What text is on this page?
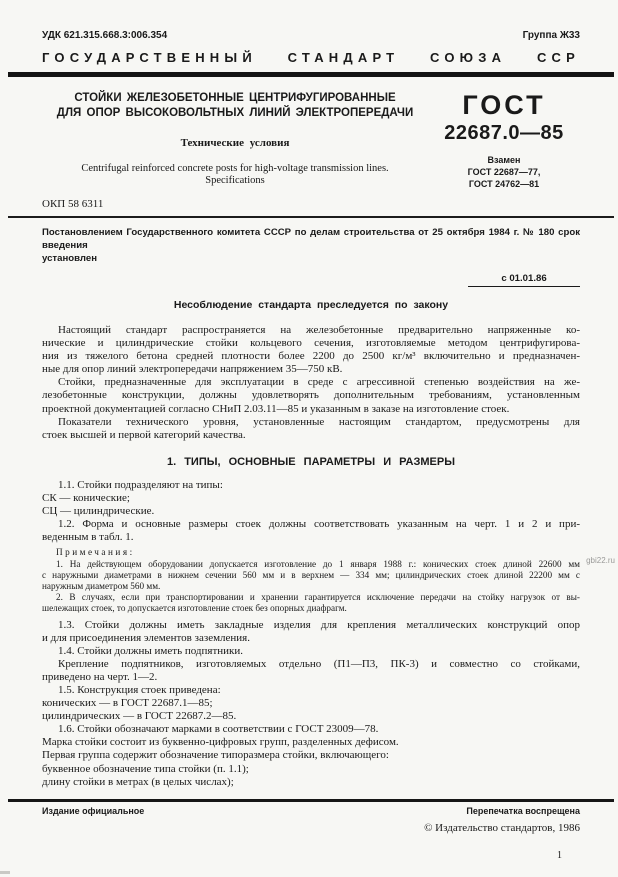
УДК 621.315.668.3:006.354	Группа Ж33
ГОСУДАРСТВЕННЫЙ СТАНДАРТ СОЮЗА ССР
СТОЙКИ ЖЕЛЕЗОБЕТОННЫЕ ЦЕНТРИФУГИРОВАННЫЕ
ДЛЯ ОПОР ВЫСОКОВОЛЬТНЫХ ЛИНИЙ ЭЛЕКТРОПЕРЕДАЧИ
Технические условия
Centrifugal reinforced concrete posts for high-voltage transmission lines.
Specifications
ГОСТ
22687.0—85
Взамен
ГОСТ 22687—77,
ГОСТ 24762—81
ОКП 58 6311
Постановлением Государственного комитета СССР по делам строительства от 25 октября 1984 г. № 180 срок введения
установлен
с 01.01.86
Несоблюдение стандарта преследуется по закону
Настоящий стандарт распространяется на железобетонные предварительно напряженные ко-
нические и цилиндрические стойки кольцевого сечения, изготовляемые методом центрифугирова-
ния из тяжелого бетона средней плотности более 2200 до 2500 кг/м³ включительно и предназначен-
ные для опор линий электропередачи напряжением 35—750 кВ.
Стойки, предназначенные для эксплуатации в среде с агрессивной степенью воздействия на же-
лезобетонные конструкции, должны удовлетворять дополнительным требованиям, установленным
проектной документацией согласно СНиП 2.03.11—85 и указанным в заказе на изготовление стоек.
Показатели технического уровня, установленные настоящим стандартом, предусмотрены для
стоек высшей и первой категорий качества.
1. ТИПЫ, ОСНОВНЫЕ ПАРАМЕТРЫ И РАЗМЕРЫ
1.1. Стойки подразделяют на типы:
СК — конические;
СЦ — цилиндрические.
1.2. Форма и основные размеры стоек должны соответствовать указанным на черт. 1 и 2 и при-
веденным в табл. 1.
Примечания:
1. На действующем оборудовании допускается изготовление до 1 января 1988 г.: конических стоек длиной 22600 мм
с наружными диаметрами в нижнем сечении 560 мм и в верхнем — 334 мм; цилиндрических стоек длиной 22200 мм с
наружным диаметром 560 мм.
2. В случаях, если при транспортировании и хранении гарантируется исключение передачи на стойку нагрузок от вы-
шележащих стоек, то допускается изготовление стоек без опорных диафрагм.
1.3. Стойки должны иметь закладные изделия для крепления металлических конструкций опор
и для присоединения элементов заземления.
1.4. Стойки должны иметь подпятники.
Крепление подпятников, изготовляемых отдельно (П1—П3, ПК-3) и совместно со стойками,
приведено на черт. 1—2.
1.5. Конструкция стоек приведена:
конических — в ГОСТ 22687.1—85;
цилиндрических — в ГОСТ 22687.2—85.
1.6. Стойки обозначают марками в соответствии с ГОСТ 23009—78.
Марка стойки состоит из буквенно-цифровых групп, разделенных дефисом.
Первая группа содержит обозначение типоразмера стойки, включающего:
буквенное обозначение типа стойки (п. 1.1);
длину стойки в метрах (в целых числах);
Издание официальное	Перепечатка воспрещена
© Издательство стандартов, 1986
1
gbi22.ru
